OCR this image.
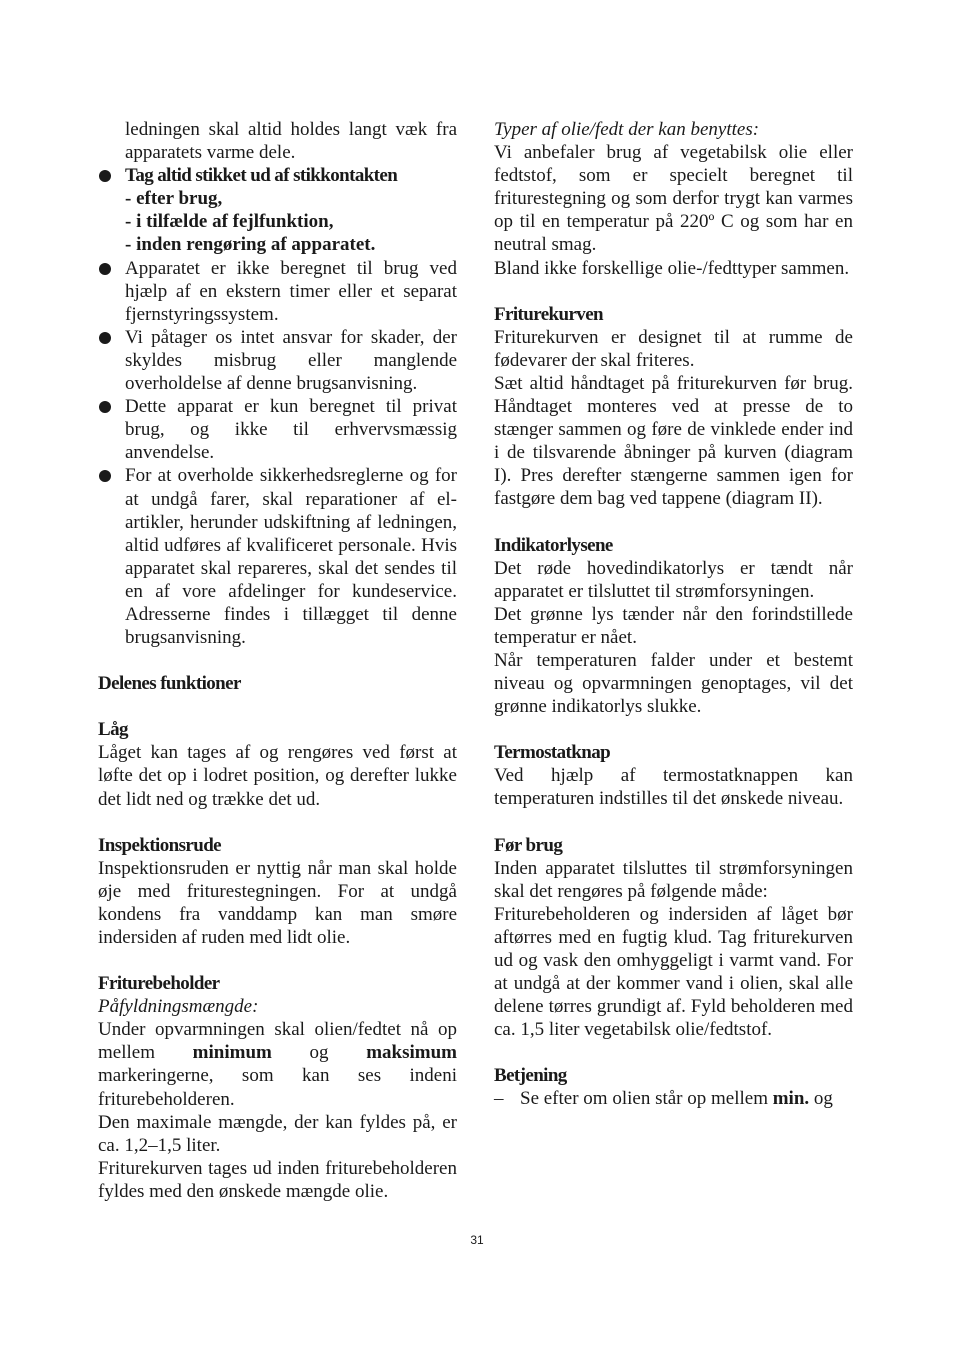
ledningen skal altid holdes langt væk fra apparatets varme dele.

Tag altid stikket ud af stikkontakten

- efter brug,

- i tilfælde af fejlfunktion,

- inden rengøring af apparatet.

Apparatet er ikke beregnet til brug ved hjælp af en ekstern timer eller et separat fjernstyringssystem.

Vi påtager os intet ansvar for skader, der skyldes misbrug eller manglende overholdelse af denne brugsanvisning.

Dette apparat er kun beregnet til privat brug, og ikke til erhvervsmæssig anvendelse.

For at overholde sikkerhedsreglerne og for at undgå farer, skal reparationer af el-artikler, herunder udskiftning af ledningen, altid udføres af kvalificeret personale. Hvis apparatet skal repareres, skal det sendes til en af vore afdelinger for kundeservice. Adresserne findes i tillægget til denne brugsanvisning.

Delenes funktioner

Låg

Låget kan tages af og rengøres ved først at løfte det op i lodret position, og derefter lukke det lidt ned og trække det ud.

Inspektionsrude

Inspektionsruden er nyttig når man skal holde øje med friturestegningen. For at undgå kondens fra vanddamp kan man smøre indersiden af ruden med lidt olie.

Friturebeholder

Påfyldningsmængde:

Under opvarmningen skal olien/fedtet nå op mellem minimum og maksimum markeringerne, som kan ses indeni friturebeholderen.

Den maximale mængde, der kan fyldes på, er ca. 1,2–1,5 liter.

Friturekurven tages ud inden friturebeholderen fyldes med den ønskede mængde olie.

Typer af olie/fedt der kan benyttes:

Vi anbefaler brug af vegetabilsk olie eller fedtstof, som er specielt beregnet til friturestegning og som derfor trygt kan varmes op til en temperatur på 220º C og som har en neutral smag.

Bland ikke forskellige olie-/fedttyper sammen.

Friturekurven

Friturekurven er designet til at rumme de fødevarer der skal friteres.

Sæt altid håndtaget på friturekurven før brug. Håndtaget monteres ved at presse de to stænger sammen og føre de vinklede ender ind i de tilsvarende åbninger på kurven (diagram I). Pres derefter stængerne sammen igen for fastgøre dem bag ved tappene (diagram II).

Indikatorlysene

Det røde hovedindikatorlys er tændt når apparatet er tilsluttet til strømforsyningen.

Det grønne lys tænder når den forindstillede temperatur er nået.

Når temperaturen falder under et bestemt niveau og opvarmningen genoptages, vil det grønne indikatorlys slukke.

Termostatknap

Ved hjælp af termostatknappen kan temperaturen indstilles til det ønskede niveau.

Før brug

Inden apparatet tilsluttes til strømforsyningen skal det rengøres på følgende måde:

Friturebeholderen og indersiden af låget bør aftørres med en fugtig klud. Tag friturekurven ud og vask den omhyggeligt i varmt vand. For at undgå at der kommer vand i olien, skal alle delene tørres grundigt af. Fyld beholderen med ca. 1,5 liter vegetabilsk olie/fedtstof.

Betjening

– Se efter om olien står op mellem min. og

31
